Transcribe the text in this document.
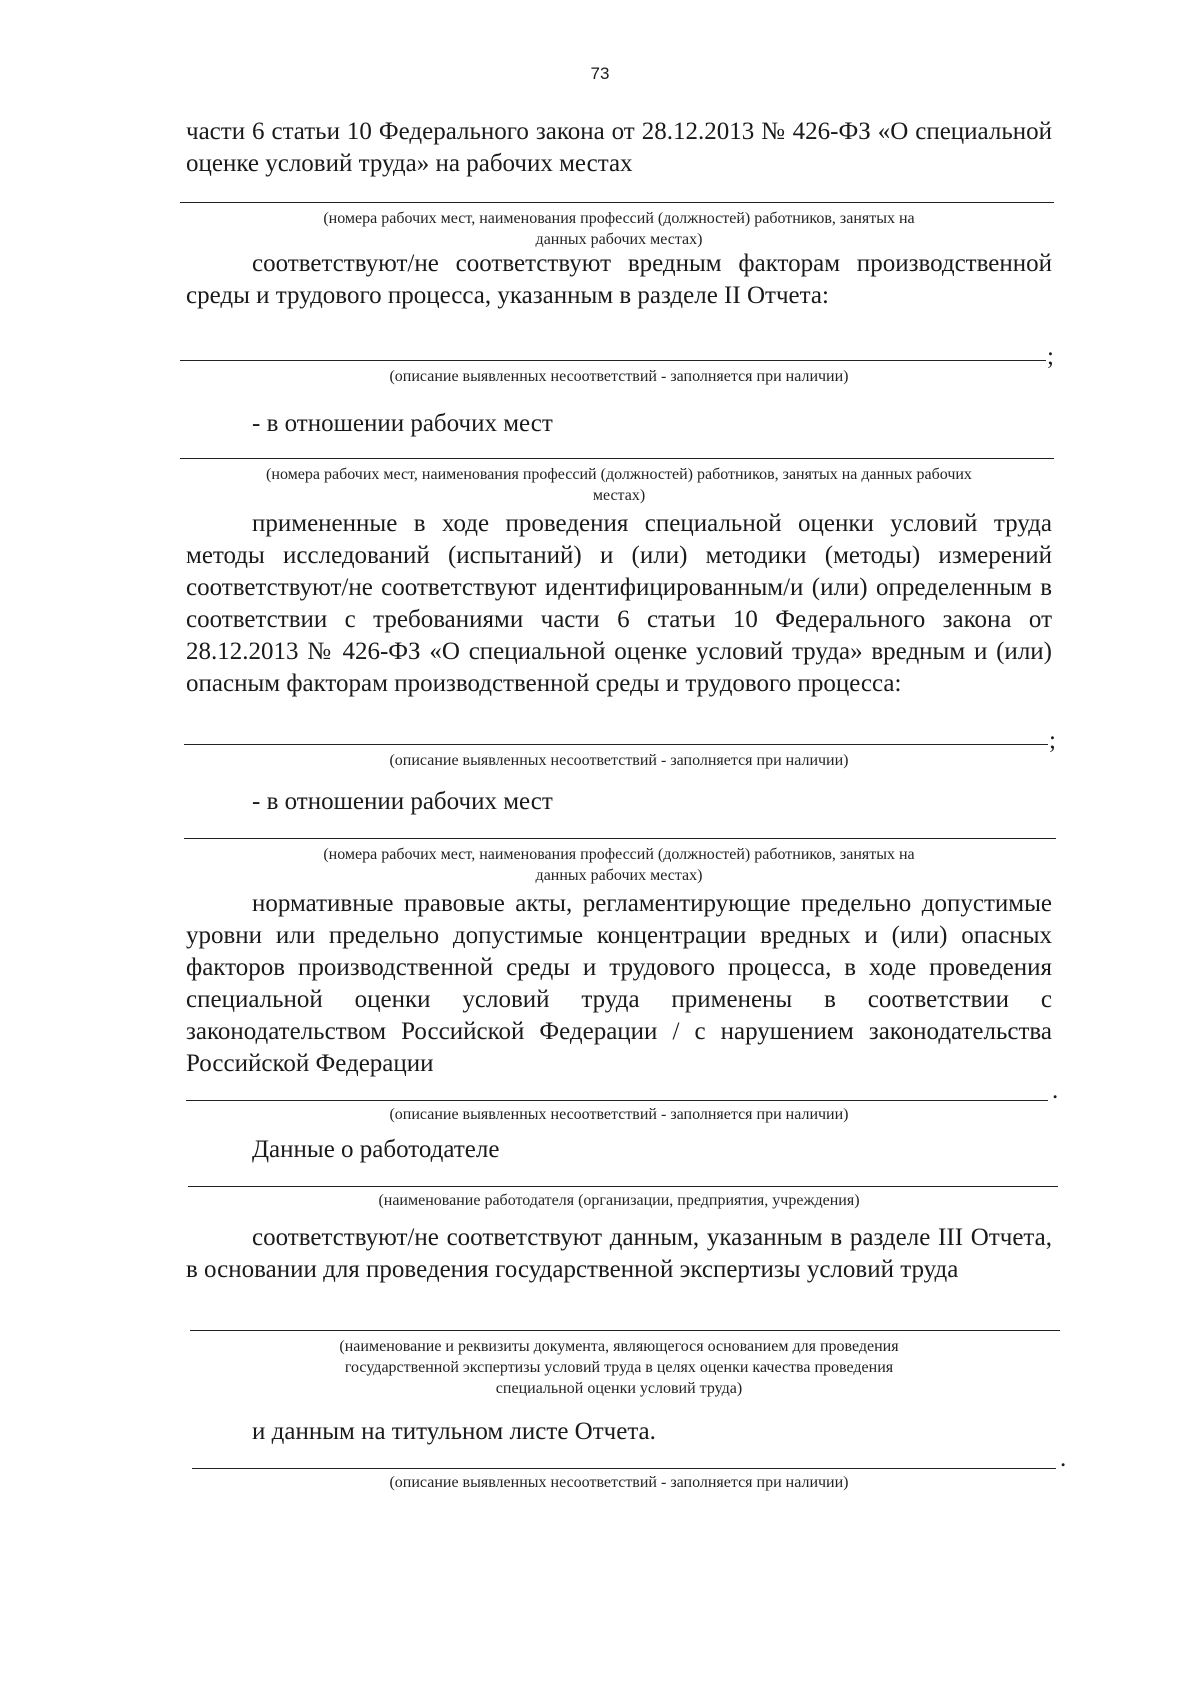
73
части 6 статьи 10 Федерального закона от 28.12.2013 № 426-ФЗ «О специальной оценке условий труда» на рабочих местах
(номера рабочих мест, наименования профессий (должностей) работников, занятых на данных рабочих местах)
соответствуют/не соответствуют вредным факторам производственной среды и трудового процесса, указанным в разделе II Отчета:
;
(описание выявленных несоответствий - заполняется при наличии)
- в отношении рабочих мест
(номера рабочих мест, наименования профессий (должностей) работников, занятых на данных рабочих местах)
примененные в ходе проведения специальной оценки условий труда методы исследований (испытаний) и (или) методики (методы) измерений соответствуют/не соответствуют идентифицированным/и (или) определенным в соответствии с требованиями части 6 статьи 10 Федерального закона от 28.12.2013 № 426-ФЗ «О специальной оценке условий труда» вредным и (или) опасным факторам производственной среды и трудового процесса:
;
(описание выявленных несоответствий - заполняется при наличии)
- в отношении рабочих мест
(номера рабочих мест, наименования профессий (должностей) работников, занятых на данных рабочих местах)
нормативные правовые акты, регламентирующие предельно допустимые уровни или предельно допустимые концентрации вредных и (или) опасных факторов производственной среды и трудового процесса, в ходе проведения специальной оценки условий труда применены в соответствии с законодательством Российской Федерации / с нарушением законодательства Российской Федерации
.
(описание выявленных несоответствий - заполняется при наличии)
Данные о работодателе
(наименование работодателя (организации, предприятия, учреждения)
соответствуют/не соответствуют данным, указанным в разделе III Отчета, в основании для проведения государственной экспертизы условий труда
(наименование и реквизиты документа, являющегося основанием для проведения государственной экспертизы условий труда в целях оценки качества проведения специальной оценки условий труда)
и данным на титульном листе Отчета.
.
(описание выявленных несоответствий - заполняется при наличии)
